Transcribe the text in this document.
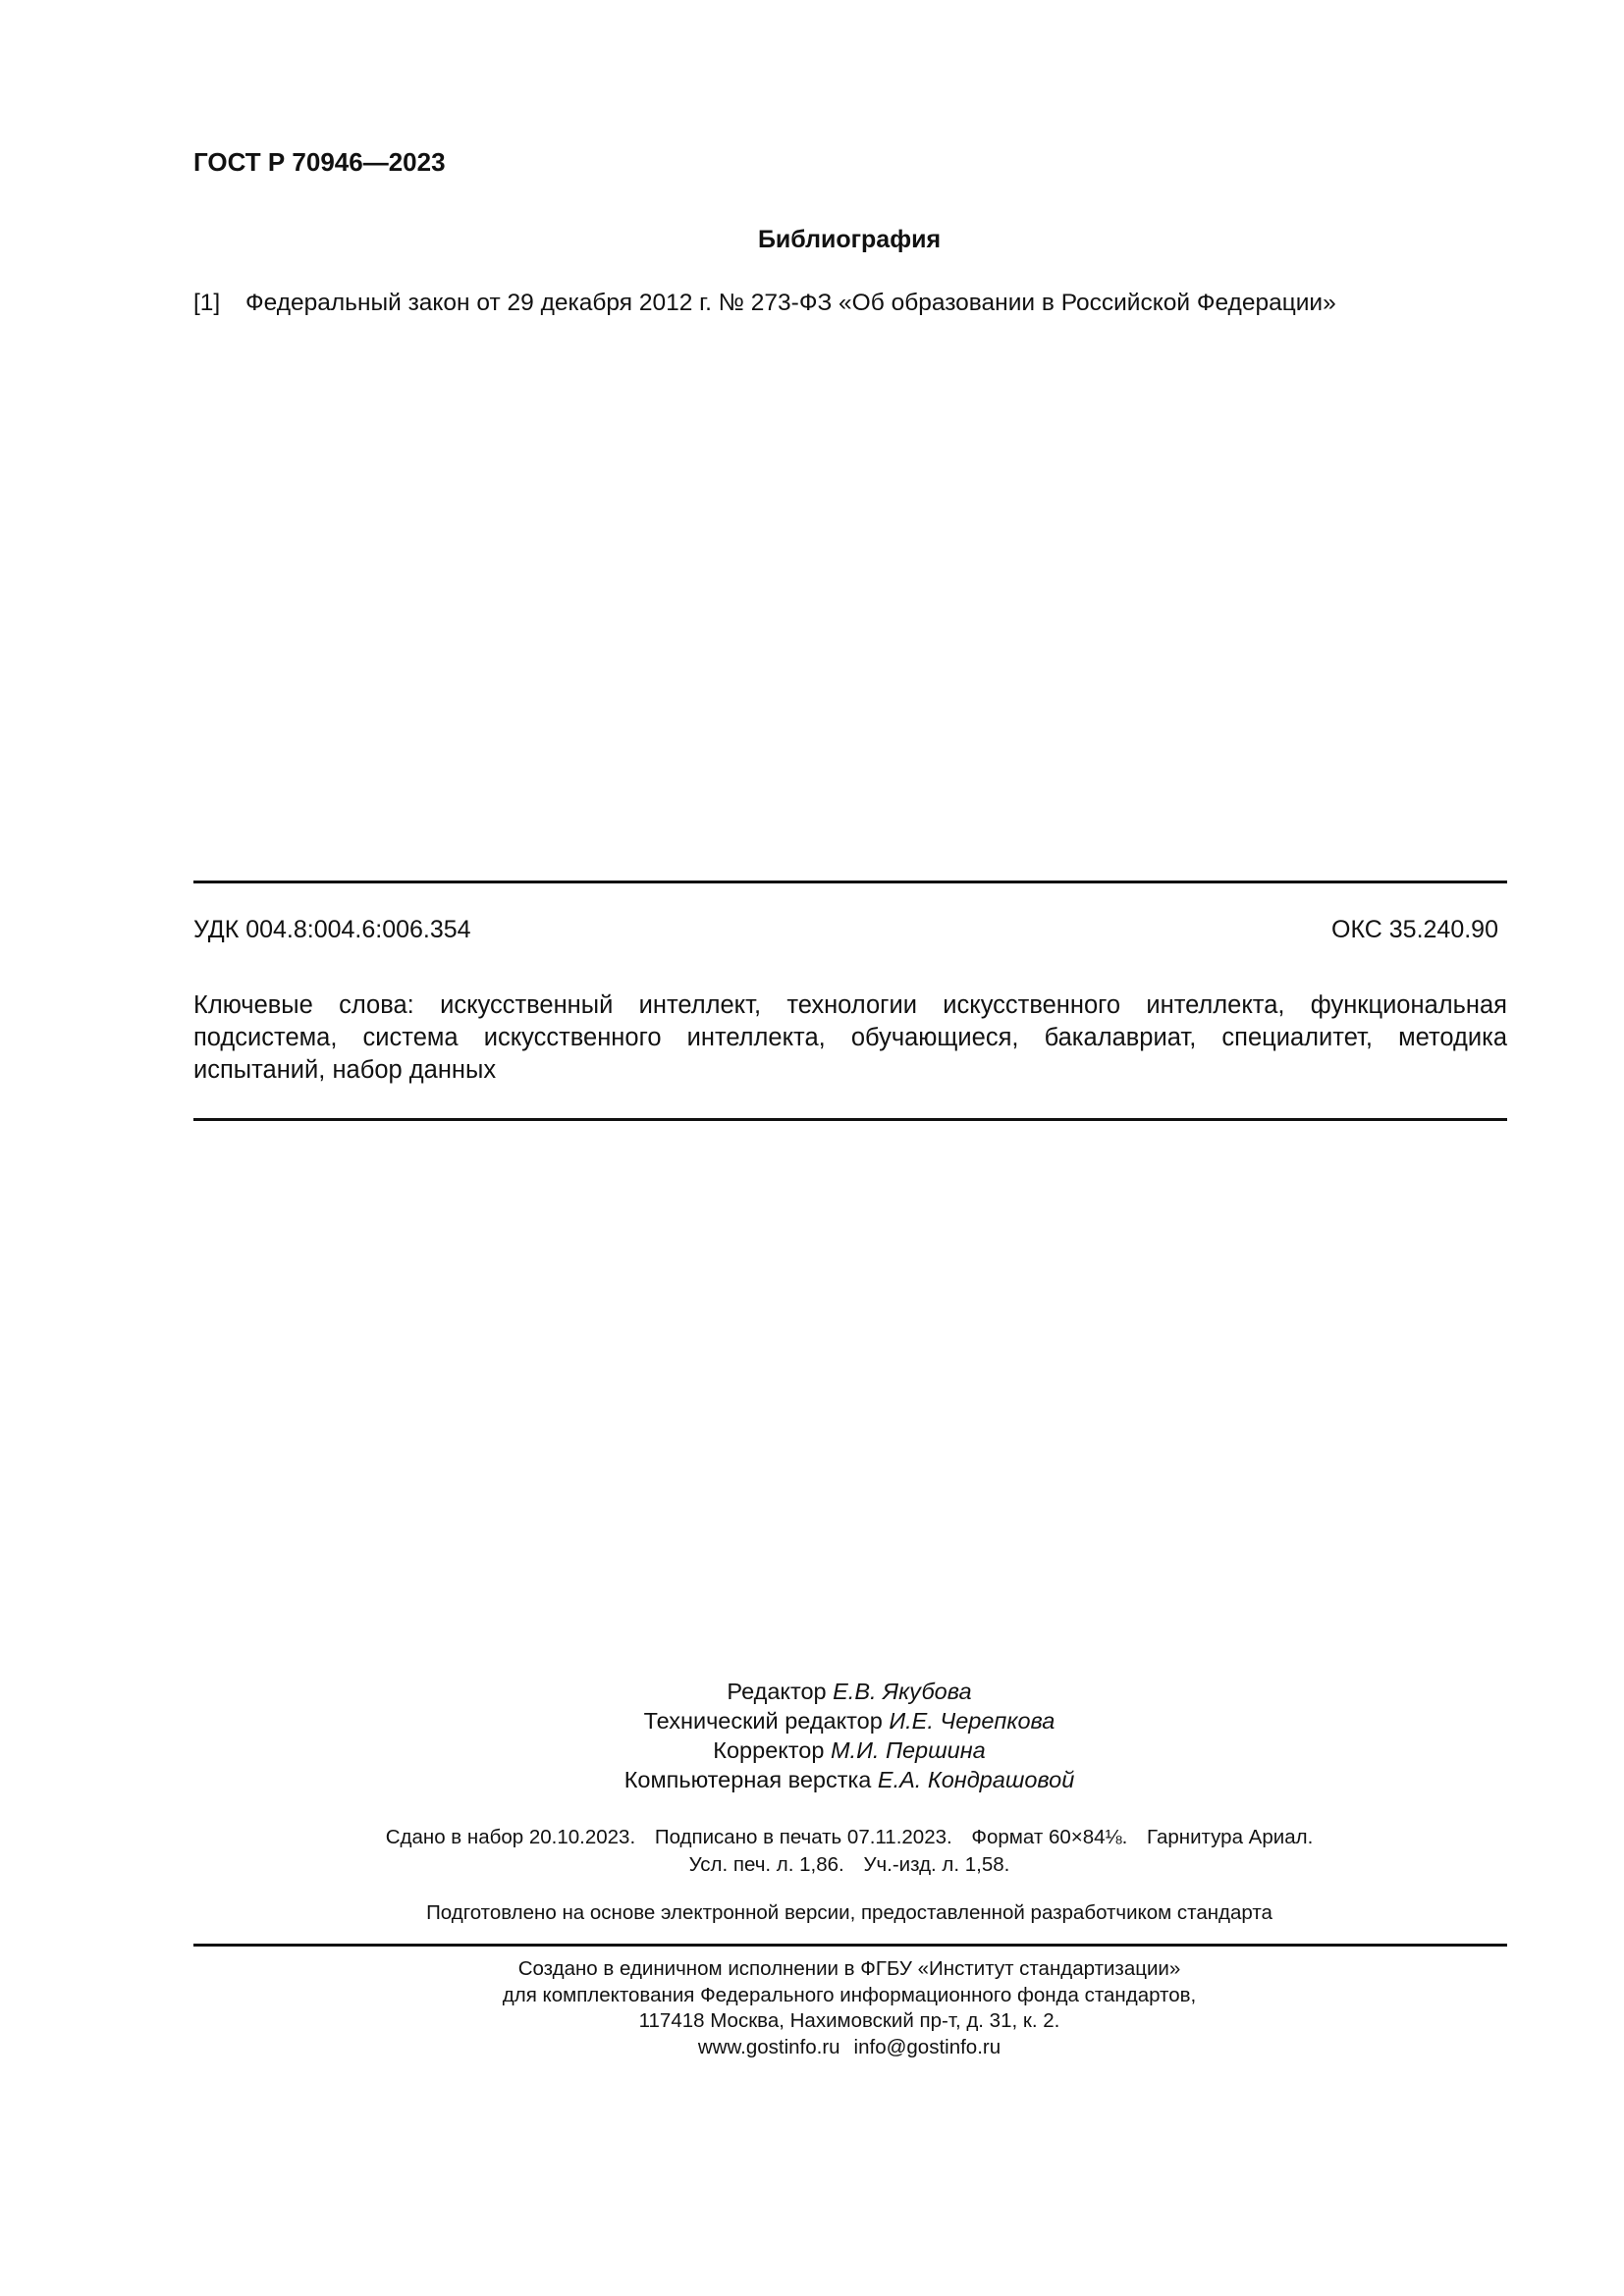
ГОСТ Р 70946—2023
Библиография
[1] Федеральный закон от 29 декабря 2012 г. № 273-ФЗ «Об образовании в Российской Федерации»
УДК 004.8:004.6:006.354	ОКС 35.240.90
Ключевые слова: искусственный интеллект, технологии искусственного интеллекта, функциональная подсистема, система искусственного интеллекта, обучающиеся, бакалавриат, специалитет, методика испытаний, набор данных
Редактор Е.В. Якубова
Технический редактор И.Е. Черепкова
Корректор М.И. Першина
Компьютерная верстка Е.А. Кондрашовой
Сдано в набор 20.10.2023. Подписано в печать 07.11.2023. Формат 60×84⅛. Гарнитура Ариал.
Усл. печ. л. 1,86. Уч.-изд. л. 1,58.
Подготовлено на основе электронной версии, предоставленной разработчиком стандарта
Создано в единичном исполнении в ФГБУ «Институт стандартизации»
для комплектования Федерального информационного фонда стандартов,
117418 Москва, Нахимовский пр-т, д. 31, к. 2.
www.gostinfo.ru info@gostinfo.ru
